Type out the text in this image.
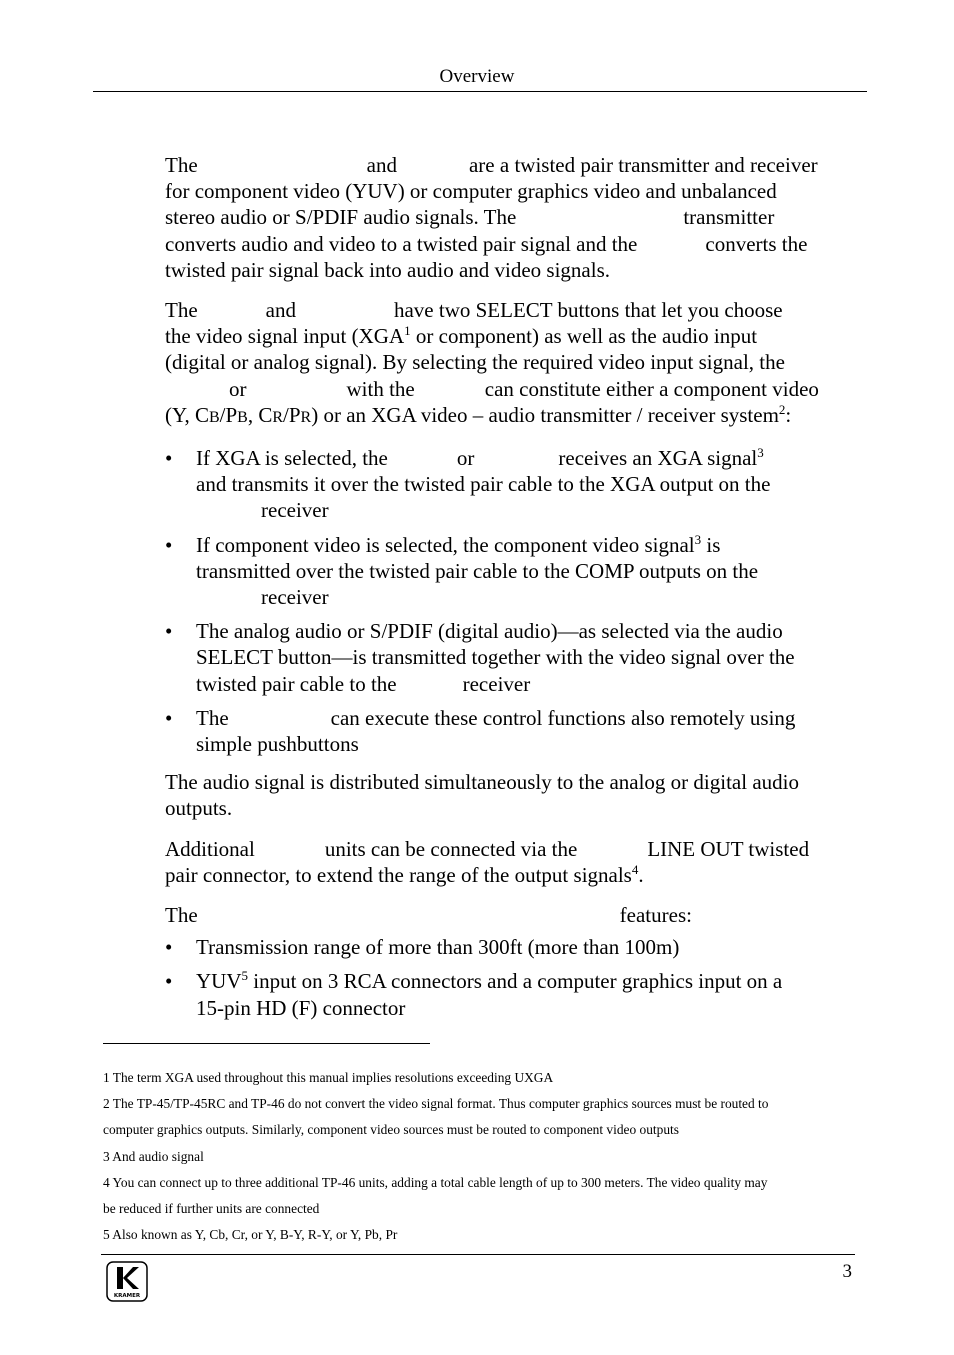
Overview

The	and	are a twisted pair transmitter and receiver
for component video (YUV) or computer graphics video and unbalanced
stereo audio or S/PDIF audio signals. The	transmitter
converts audio and video to a twisted pair signal and the	converts the
twisted pair signal back into audio and video signals.

The	and	have two SELECT buttons that let you choose
the video signal input (XGA$^1$ or component) as well as the audio input
(digital or analog signal). By selecting the required video input signal, the
or	with the	can constitute either a component video
(Y, CB/PB, CR/PR) or an XGA video – audio transmitter / receiver system$^2$:

• If XGA is selected, the	or	receives an XGA signal$^3$
and transmits it over the twisted pair cable to the XGA output on the
receiver
• If component video is selected, the component video signal$^3$ is
transmitted over the twisted pair cable to the COMP outputs on the
receiver
• The analog audio or S/PDIF (digital audio)—as selected via the audio
SELECT button—is transmitted together with the video signal over the
twisted pair cable to the	receiver
• The	can execute these control functions also remotely using
simple pushbuttons

The audio signal is distributed simultaneously to the analog or digital audio outputs.

Additional	units can be connected via the	LINE OUT twisted
pair connector, to extend the range of the output signals$^4$.

The	features:

• Transmission range of more than 300ft (more than 100m)
• YUV$^5$ input on 3 RCA connectors and a computer graphics input on a
15-pin HD (F) connector
1 The term XGA used throughout this manual implies resolutions exceeding UXGA
2 The TP-45/TP-45RC and TP-46 do not convert the video signal format. Thus computer graphics sources must be routed to
computer graphics outputs. Similarly, component video sources must be routed to component video outputs
3 And audio signal
4 You can connect up to three additional TP-46 units, adding a total cable length of up to 300 meters. The video quality may
be reduced if further units are connected
5 Also known as Y, Cb, Cr, or Y, B-Y, R-Y, or Y, Pb, Pr
KRAMER
3
